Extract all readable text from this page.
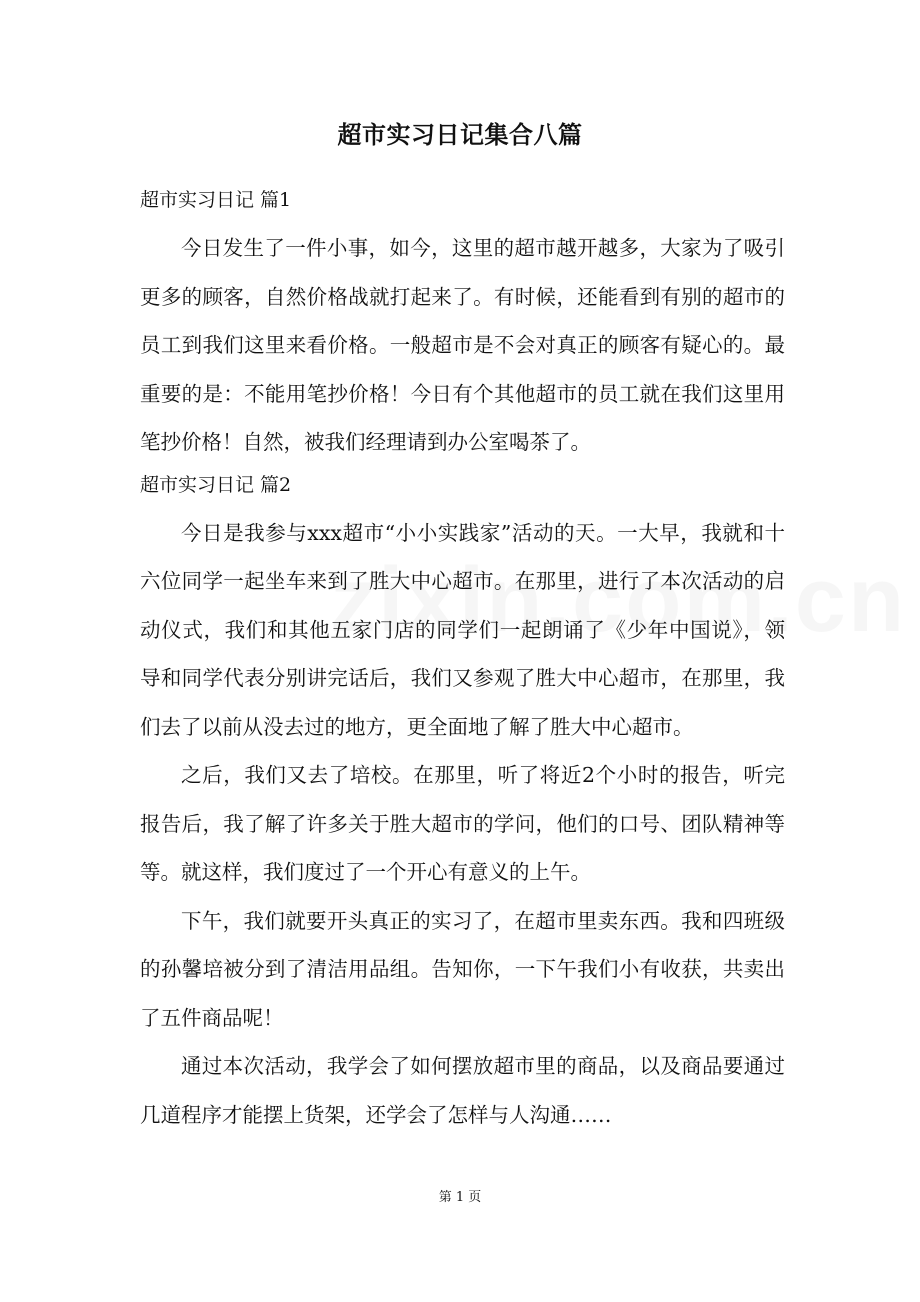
超市实习日记集合八篇
超市实习日记 篇1

今日发生了一件小事，如今，这里的超市越开越多，大家为了吸引更多的顾客，自然价格战就打起来了。有时候，还能看到有别的超市的员工到我们这里来看价格。一般超市是不会对真正的顾客有疑心的。最重要的是：不能用笔抄价格！今日有个其他超市的员工就在我们这里用笔抄价格！自然，被我们经理请到办公室喝茶了。

超市实习日记 篇2

今日是我参与xxx超市“小小实践家”活动的天。一大早，我就和十六位同学一起坐车来到了胜大中心超市。在那里，进行了本次活动的启动仪式，我们和其他五家门店的同学们一起朗诵了《少年中国说》，领导和同学代表分别讲完话后，我们又参观了胜大中心超市，在那里，我们去了以前从没去过的地方，更全面地了解了胜大中心超市。

之后，我们又去了培校。在那里，听了将近2个小时的报告，听完报告后，我了解了许多关于胜大超市的学问，他们的口号、团队精神等等。就这样，我们度过了一个开心有意义的上午。

下午，我们就要开头真正的实习了，在超市里卖东西。我和四班级的孙馨培被分到了清洁用品组。告知你，一下午我们小有收获，共卖出了五件商品呢！

通过本次活动，我学会了如何摆放超市里的商品，以及商品要通过几道程序才能摆上货架，还学会了怎样与人沟通……

第 1 页
